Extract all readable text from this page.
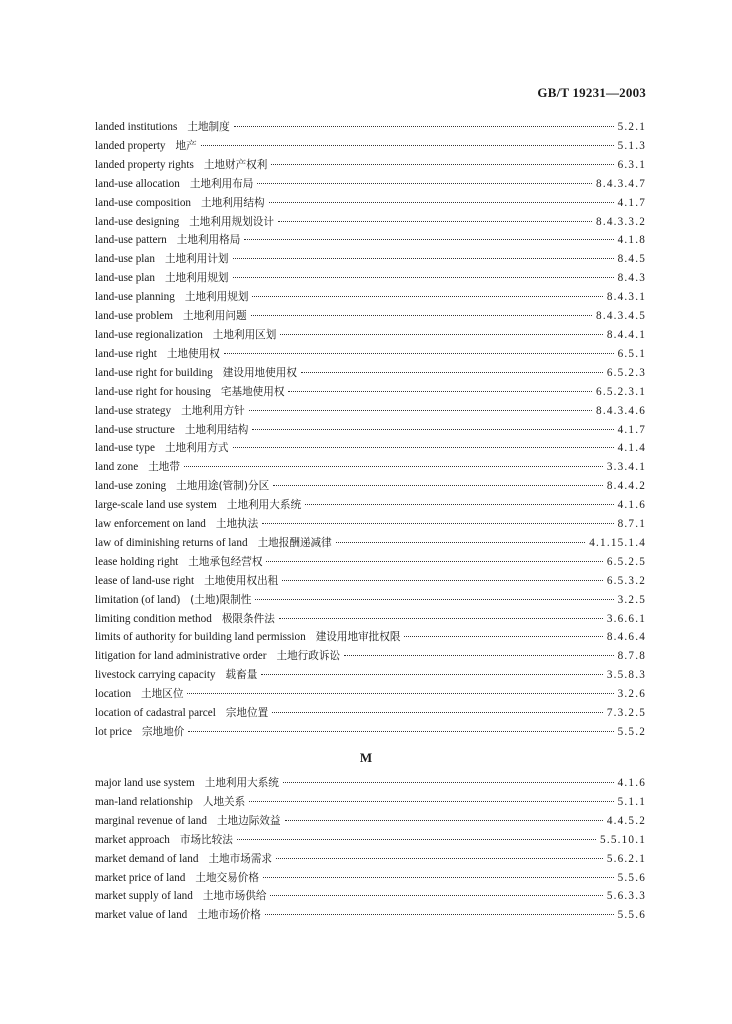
GB/T 19231—2003
landed institutions 土地制度	5.2.1
landed property 地产	5.1.3
landed property rights 土地财产权利	6.3.1
land-use allocation 土地利用布局	8.4.3.4.7
land-use composition 土地利用结构	4.1.7
land-use designing 土地利用规划设计	8.4.3.3.2
land-use pattern 土地利用格局	4.1.8
land-use plan 土地利用计划	8.4.5
land-use plan 土地利用规划	8.4.3
land-use planning 土地利用规划	8.4.3.1
land-use problem 土地利用问题	8.4.3.4.5
land-use regionalization 土地利用区划	8.4.4.1
land-use right 土地使用权	6.5.1
land-use right for building 建设用地使用权	6.5.2.3
land-use right for housing 宅基地使用权	6.5.2.3.1
land-use strategy 土地利用方针	8.4.3.4.6
land-use structure 土地利用结构	4.1.7
land-use type 土地利用方式	4.1.4
land zone 土地带	3.3.4.1
land-use zoning 土地用途(管制)分区	8.4.4.2
large-scale land use system 土地利用大系统	4.1.6
law enforcement on land 土地执法	8.7.1
law of diminishing returns of land 土地报酬递减律	4.1.15.1.4
lease holding right 土地承包经营权	6.5.2.5
lease of land-use right 土地使用权出租	6.5.3.2
limitation (of land) (土地)限制性	3.2.5
limiting condition method 极限条件法	3.6.6.1
limits of authority for building land permission 建设用地审批权限	8.4.6.4
litigation for land administrative order 土地行政诉讼	8.7.8
livestock carrying capacity 载畜量	3.5.8.3
location 土地区位	3.2.6
location of cadastral parcel 宗地位置	7.3.2.5
lot price 宗地地价	5.5.2
M
major land use system 土地利用大系统	4.1.6
man-land relationship 人地关系	5.1.1
marginal revenue of land 土地边际效益	4.4.5.2
market approach 市场比较法	5.5.10.1
market demand of land 土地市场需求	5.6.2.1
market price of land 土地交易价格	5.5.6
market supply of land 土地市场供给	5.6.3.3
market value of land 土地市场价格	5.5.6
